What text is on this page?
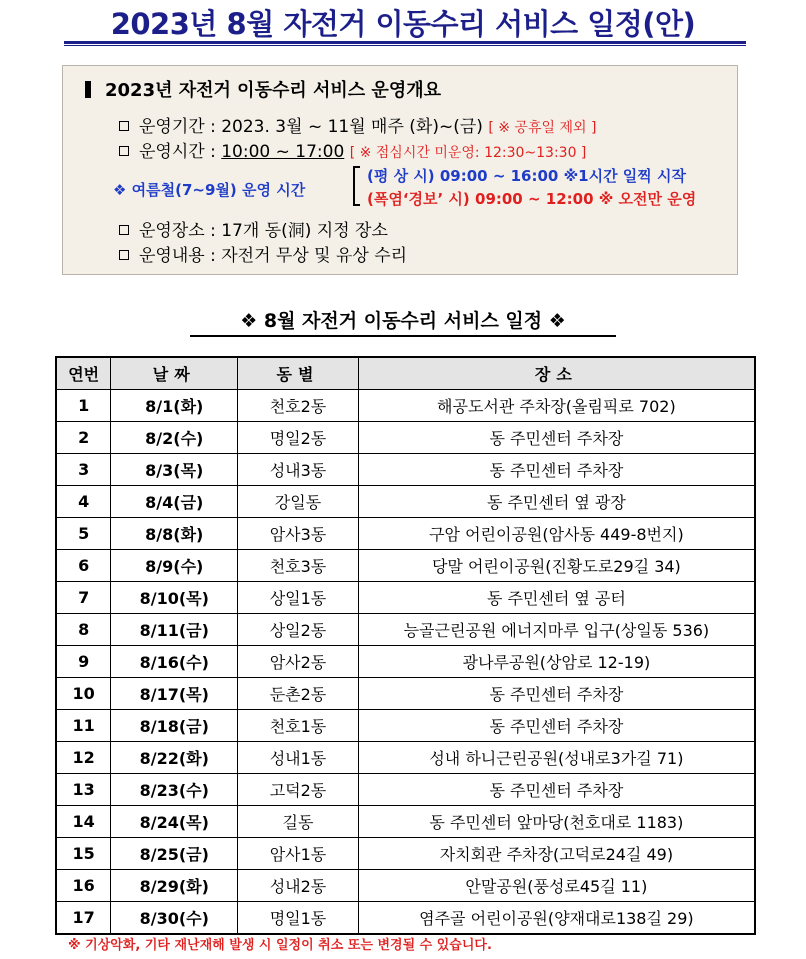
2023년 8월 자전거 이동수리 서비스 일정(안)
2023년 자전거 이동수리 서비스 운영개요
운영기간 : 2023. 3월 ~ 11월 매주 (화)~(금) [ ※ 공휴일 제외 ]
운영시간 : 10:00 ~ 17:00 [ ※ 점심시간 미운영: 12:30~13:30 ]
❖ 여름철(7~9월) 운영 시간
(평 상 시) 09:00 ~ 16:00 ※1시간 일찍 시작
(폭염‘경보’ 시) 09:00 ~ 12:00 ※ 오전만 운영
운영장소 : 17개 동(洞) 지정 장소
운영내용 : 자전거 무상 및 유상 수리
❖ 8월 자전거 이동수리 서비스 일정 ❖
연번	날짜	동별	장소
1	8/1(화)	천호2동	해공도서관 주차장(올림픽로 702)
2	8/2(수)	명일2동	동 주민센터 주차장
3	8/3(목)	성내3동	동 주민센터 주차장
4	8/4(금)	강일동	동 주민센터 옆 광장
5	8/8(화)	암사3동	구암 어린이공원(암사동 449-8번지)
6	8/9(수)	천호3동	당말 어린이공원(진황도로29길 34)
7	8/10(목)	상일1동	동 주민센터 옆 공터
8	8/11(금)	상일2동	능골근린공원 에너지마루 입구(상일동 536)
9	8/16(수)	암사2동	광나루공원(상암로 12-19)
10	8/17(목)	둔촌2동	동 주민센터 주차장
11	8/18(금)	천호1동	동 주민센터 주차장
12	8/22(화)	성내1동	성내 하니근린공원(성내로3가길 71)
13	8/23(수)	고덕2동	동 주민센터 주차장
14	8/24(목)	길동	동 주민센터 앞마당(천호대로 1183)
15	8/25(금)	암사1동	자치회관 주차장(고덕로24길 49)
16	8/29(화)	성내2동	안말공원(풍성로45길 11)
17	8/30(수)	명일1동	염주골 어린이공원(양재대로138길 29)
※ 기상악화, 기타 재난재해 발생 시 일정이 취소 또는 변경될 수 있습니다.
